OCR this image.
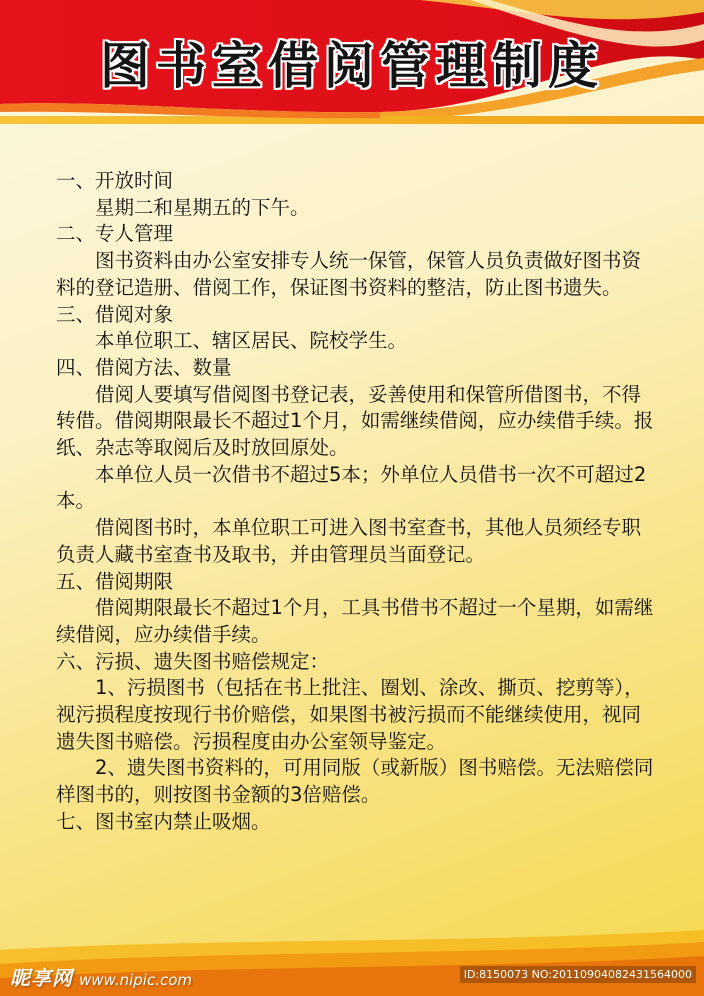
图书室借阅管理制度

一、开放时间

星期二和星期五的下午。

二、专人管理

图书资料由办公室安排专人统一保管，保管人员负责做好图书资料的登记造册、借阅工作，保证图书资料的整洁，防止图书遗失。

三、借阅对象

本单位职工、辖区居民、院校学生。

四、借阅方法、数量

借阅人要填写借阅图书登记表，妥善使用和保管所借图书，不得转借。借阅期限最长不超过1个月，如需继续借阅，应办续借手续。报纸、杂志等取阅后及时放回原处。

本单位人员一次借书不超过5本；外单位人员借书一次不可超过2本。

借阅图书时，本单位职工可进入图书室查书，其他人员须经专职负责人藏书室查书及取书，并由管理员当面登记。

五、借阅期限

借阅期限最长不超过1个月，工具书借书不超过一个星期，如需继续借阅，应办续借手续。

六、污损、遗失图书赔偿规定：

1、污损图书（包括在书上批注、圈划、涂改、撕页、挖剪等），视污损程度按现行书价赔偿，如果图书被污损而不能继续使用，视同遗失图书赔偿。污损程度由办公室领导鉴定。

2、遗失图书资料的，可用同版（或新版）图书赔偿。无法赔偿同样图书的，则按图书金额的3倍赔偿。

七、图书室内禁止吸烟。

昵享网 www.nipic.com	ID:8150073 NO:20110904082431564000
